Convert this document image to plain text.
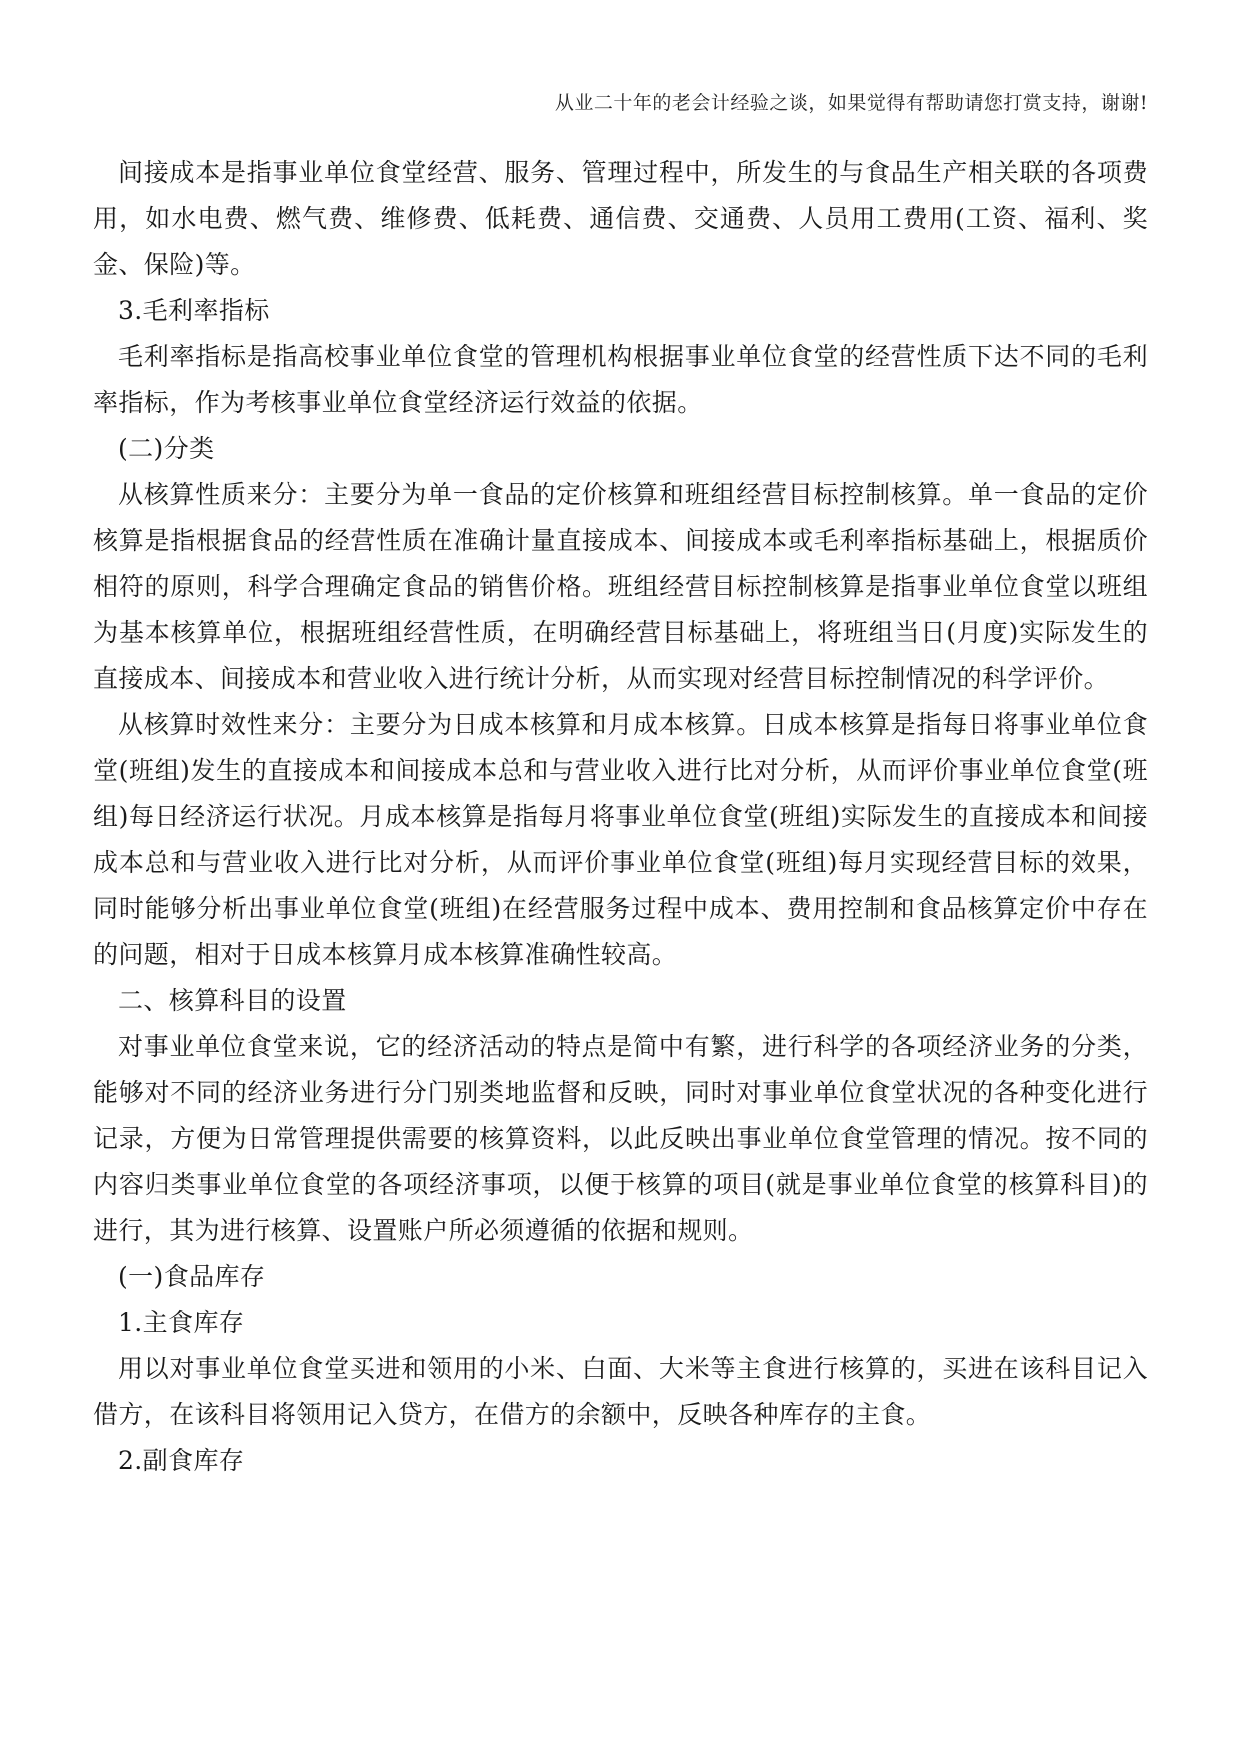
从业二十年的老会计经验之谈，如果觉得有帮助请您打赏支持，谢谢!

间接成本是指事业单位食堂经营、服务、管理过程中，所发生的与食品生产相关联的各项费用，如水电费、燃气费、维修费、低耗费、通信费、交通费、人员用工费用(工资、福利、奖金、保险)等。

3.毛利率指标

毛利率指标是指高校事业单位食堂的管理机构根据事业单位食堂的经营性质下达不同的毛利率指标，作为考核事业单位食堂经济运行效益的依据。

(二)分类

从核算性质来分：主要分为单一食品的定价核算和班组经营目标控制核算。单一食品的定价核算是指根据食品的经营性质在准确计量直接成本、间接成本或毛利率指标基础上，根据质价相符的原则，科学合理确定食品的销售价格。班组经营目标控制核算是指事业单位食堂以班组为基本核算单位，根据班组经营性质，在明确经营目标基础上，将班组当日(月度)实际发生的直接成本、间接成本和营业收入进行统计分析，从而实现对经营目标控制情况的科学评价。

从核算时效性来分：主要分为日成本核算和月成本核算。日成本核算是指每日将事业单位食堂(班组)发生的直接成本和间接成本总和与营业收入进行比对分析，从而评价事业单位食堂(班组)每日经济运行状况。月成本核算是指每月将事业单位食堂(班组)实际发生的直接成本和间接成本总和与营业收入进行比对分析，从而评价事业单位食堂(班组)每月实现经营目标的效果，同时能够分析出事业单位食堂(班组)在经营服务过程中成本、费用控制和食品核算定价中存在的问题，相对于日成本核算月成本核算准确性较高。

二、核算科目的设置

对事业单位食堂来说，它的经济活动的特点是简中有繁，进行科学的各项经济业务的分类，能够对不同的经济业务进行分门别类地监督和反映，同时对事业单位食堂状况的各种变化进行记录，方便为日常管理提供需要的核算资料，以此反映出事业单位食堂管理的情况。按不同的内容归类事业单位食堂的各项经济事项，以便于核算的项目(就是事业单位食堂的核算科目)的进行，其为进行核算、设置账户所必须遵循的依据和规则。

(一)食品库存

1.主食库存

用以对事业单位食堂买进和领用的小米、白面、大米等主食进行核算的，买进在该科目记入借方，在该科目将领用记入贷方，在借方的余额中，反映各种库存的主食。

2.副食库存
